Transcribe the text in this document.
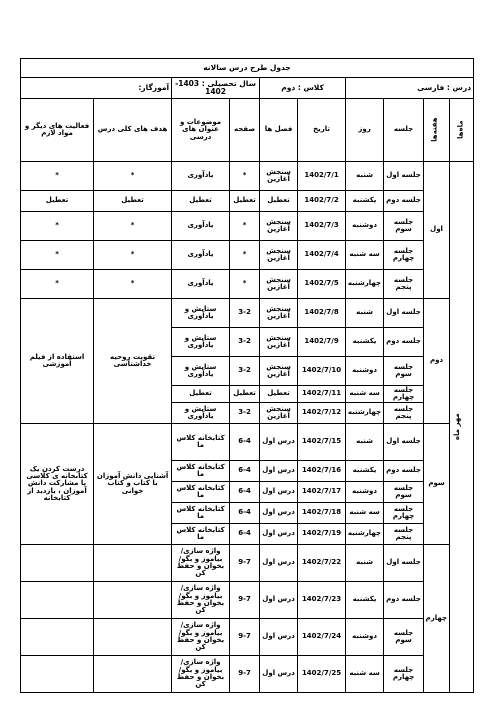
جدول طرح درس سالانه									
درس : فارسی				کلاس : دوم		سال تحصیلی : 1403- 1402		آموزگار:	
ماه‌ها	هفته‌ها	جلسه	روز	تاریخ	فصل ها	صفحه	موضوعات و عنوان های درسی	هدف های کلی درس	فعالیت های دیگر و مواد لازم
مهر ماه	اول	جلسه اول	شنبه	1402/7/1	سنجش آغازین	*	یادآوری	*	*
		جلسه دوم	یکشنبه	1402/7/2	تعطیل	تعطیل	تعطیل	تعطیل	تعطیل
		جلسه سوم	دوشنبه	1402/7/3	سنجش آغازین	*	یادآوری	*	*
		جلسه چهارم	سه شنبه	1402/7/4	سنجش آغازین	*	یادآوری	*	*
		جلسه پنجم	چهارشنبه	1402/7/5	سنجش آغازین	*	یادآوری	*	*
	دوم	جلسه اول	شنبه	1402/7/8	سنجش آغازین	3-2	ستایش و یادآوری	تقویت روحیه خداشناسی	استفاده از فیلم آموزشی
		جلسه دوم	یکشنبه	1402/7/9	سنجش آغازین	3-2	ستایش و یادآوری		
		جلسه سوم	دوشنبه	1402/7/10	سنجش آغازین	3-2	ستایش و یادآوری		
		جلسه چهارم	سه شنبه	1402/7/11	تعطیل	تعطیل	تعطیل		
		جلسه پنجم	چهارشنبه	1402/7/12	سنجش آغازین	3-2	ستایش و یادآوری		
	سوم	جلسه اول	شنبه	1402/7/15	درس اول	6-4	کتابخانه کلاس ما	آشنایی دانش آموزان با کتاب و کتاب خوانی	درست کردن یک کتابخانه ی کلاسی با مشارکت دانش آموزان ، بازدید از کتابخانه
		جلسه دوم	یکشنبه	1402/7/16	درس اول	6-4	کتابخانه کلاس ما		
		جلسه سوم	دوشنبه	1402/7/17	درس اول	6-4	کتابخانه کلاس ما		
		جلسه چهارم	سه شنبه	1402/7/18	درس اول	6-4	کتابخانه کلاس ما		
		جلسه پنجم	چهارشنبه	1402/7/19	درس اول	6-4	کتابخانه کلاس ما		
	چهارم	جلسه اول	شنبه	1402/7/22	درس اول	9-7	واژه سازی/بیاموز و بگو/بخوان و حفظ کن		
		جلسه دوم	یکشنبه	1402/7/23	درس اول	9-7	واژه سازی/بیاموز و بگو/بخوان و حفظ کن		
		جلسه سوم	دوشنبه	1402/7/24	درس اول	9-7	واژه سازی/بیاموز و بگو/بخوان و حفظ کن		
		جلسه چهارم	سه شنبه	1402/7/25	درس اول	9-7	واژه سازی/بیاموز و بگو/بخوان و حفظ کن		
